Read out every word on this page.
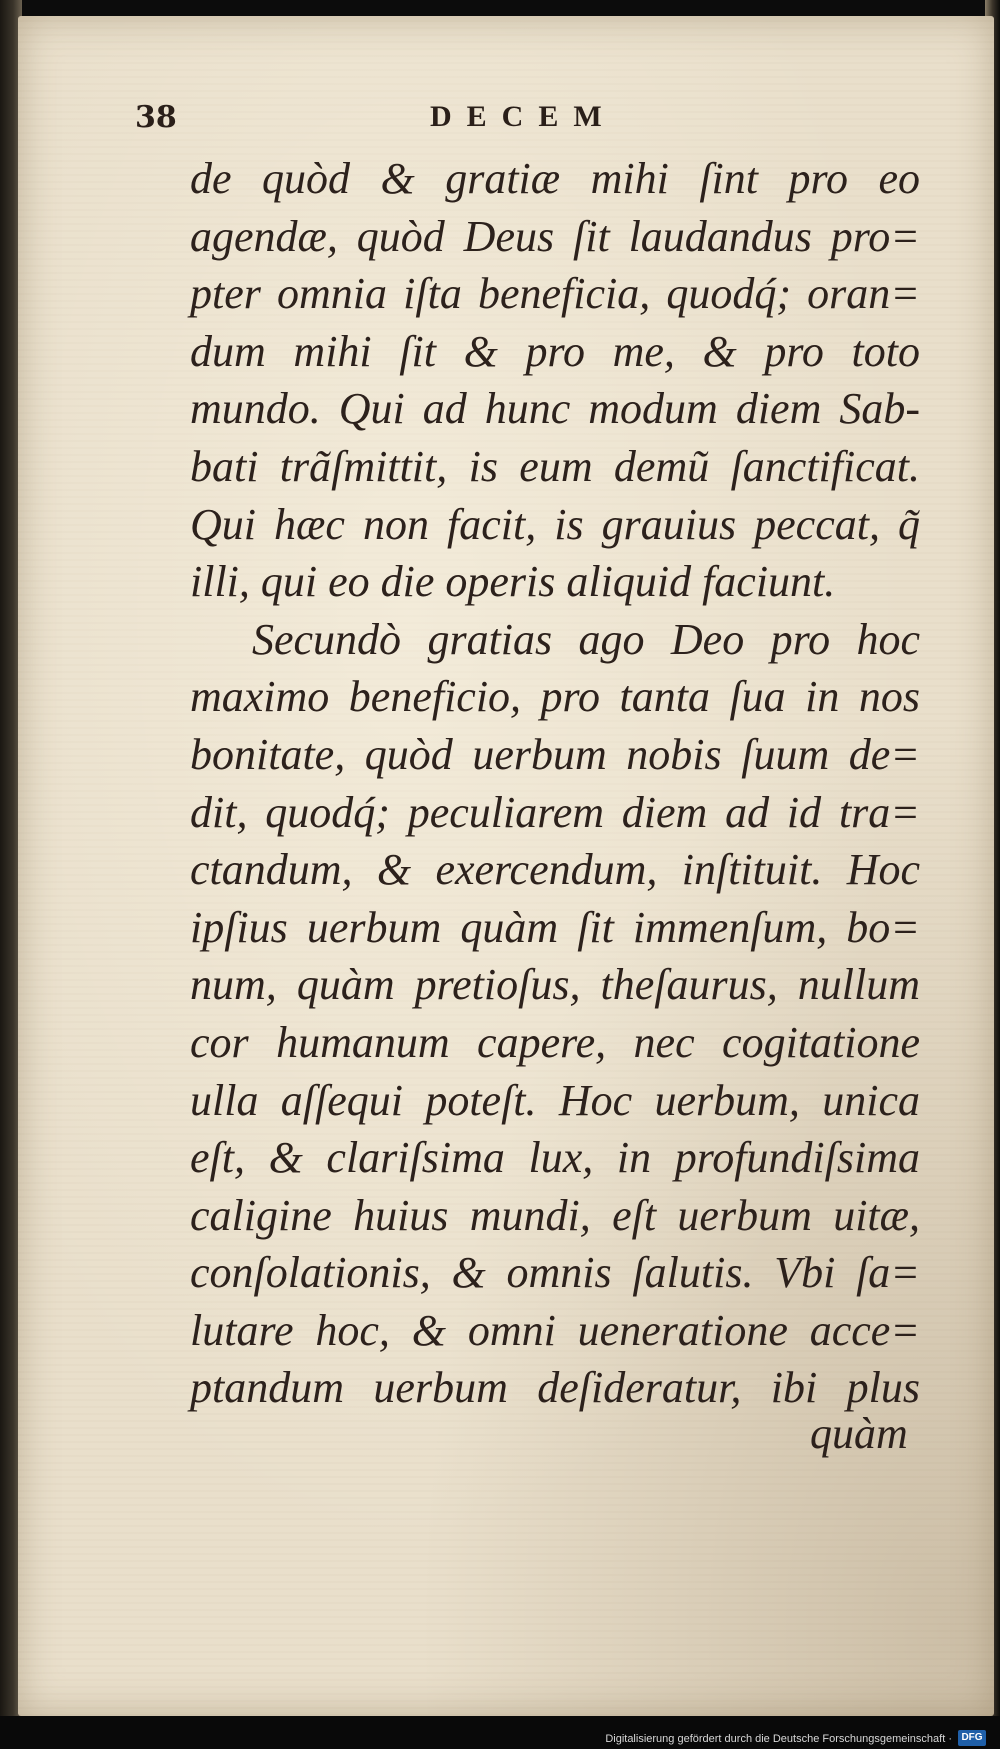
38	DECEM
de quòd & gratiæ mihi ſint pro eo
agendæ, quòd Deus ſit laudandus pro=
pter omnia iſta beneficia, quodq́; oran=
dum mihi ſit & pro me, & pro toto
mundo. Qui ad hunc modum diem Sab-
bati trãſmittit, is eum demũ ſanctificat.
Qui hæc non facit, is grauius peccat, q̃
illi, qui eo die operis aliquid faciunt.
Secundò gratias ago Deo pro hoc
maximo beneficio, pro tanta ſua in nos
bonitate, quòd uerbum nobis ſuum de=
dit, quodq́; peculiarem diem ad id tra=
ctandum, & exercendum, inſtituit. Hoc
ipſius uerbum quàm ſit immenſum, bo=
num, quàm pretioſus, theſaurus, nullum
cor humanum capere, nec cogitatione
ulla aſſequi poteſt. Hoc uerbum, unica
eſt, & clariſsima lux, in profundiſsima
caligine huius mundi, eſt uerbum uitæ,
conſolationis, & omnis ſalutis. Vbi ſa=
lutare hoc, & omni ueneratione acce=
ptandum uerbum deſideratur, ibi plus
quàm
Digitalisierung gefördert durch die Deutsche Forschungsgemeinschaft · DFG
